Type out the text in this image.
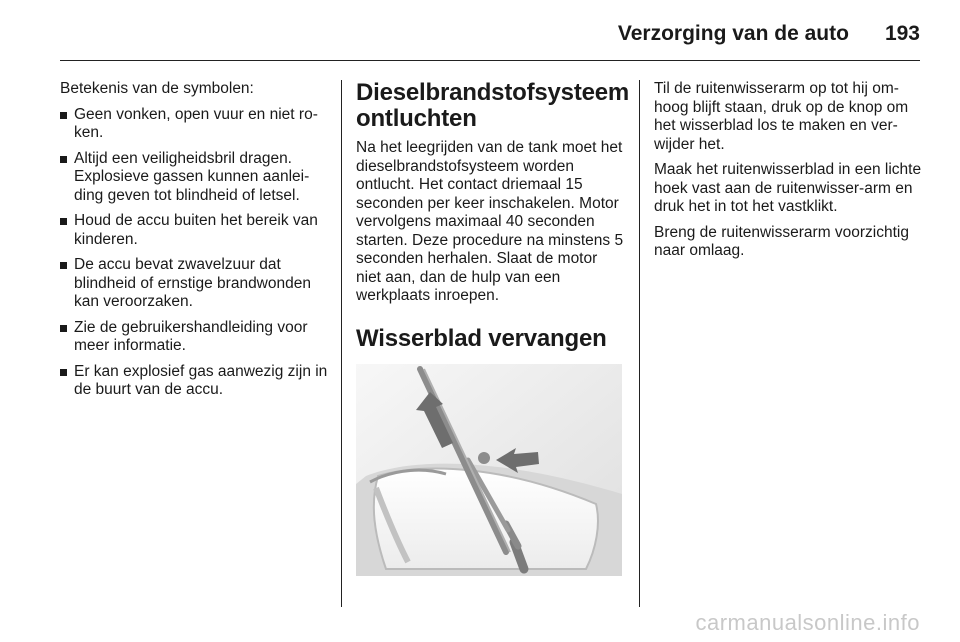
Verzorging van de auto 193

Betekenis van de symbolen:

Geen vonken, open vuur en niet ro-ken.
Altijd een veiligheidsbril dragen. Explosieve gassen kunnen aanlei-ding geven tot blindheid of letsel.
Houd de accu buiten het bereik van kinderen.
De accu bevat zwavelzuur dat blindheid of ernstige brandwonden kan veroorzaken.
Zie de gebruikershandleiding voor meer informatie.
Er kan explosief gas aanwezig zijn in de buurt van de accu.
Dieselbrandstofsysteem ontluchten

Na het leegrijden van de tank moet het dieselbrandstofsysteem worden ontlucht. Het contact driemaal 15 seconden per keer inschakelen. Motor vervolgens maximaal 40 seconden starten. Deze procedure na minstens 5 seconden herhalen. Slaat de motor niet aan, dan de hulp van een werkplaats inroepen.

Wisserblad vervangen

Til de ruitenwisserarm op tot hij om-hoog blijft staan, druk op de knop om het wisserblad los te maken en ver-wijder het.

Maak het ruitenwisserblad in een lichte hoek vast aan de ruitenwisser-arm en druk het in tot het vastklikt.

Breng de ruitenwisserarm voorzichtig naar omlaag.

carmanualsonline.info
